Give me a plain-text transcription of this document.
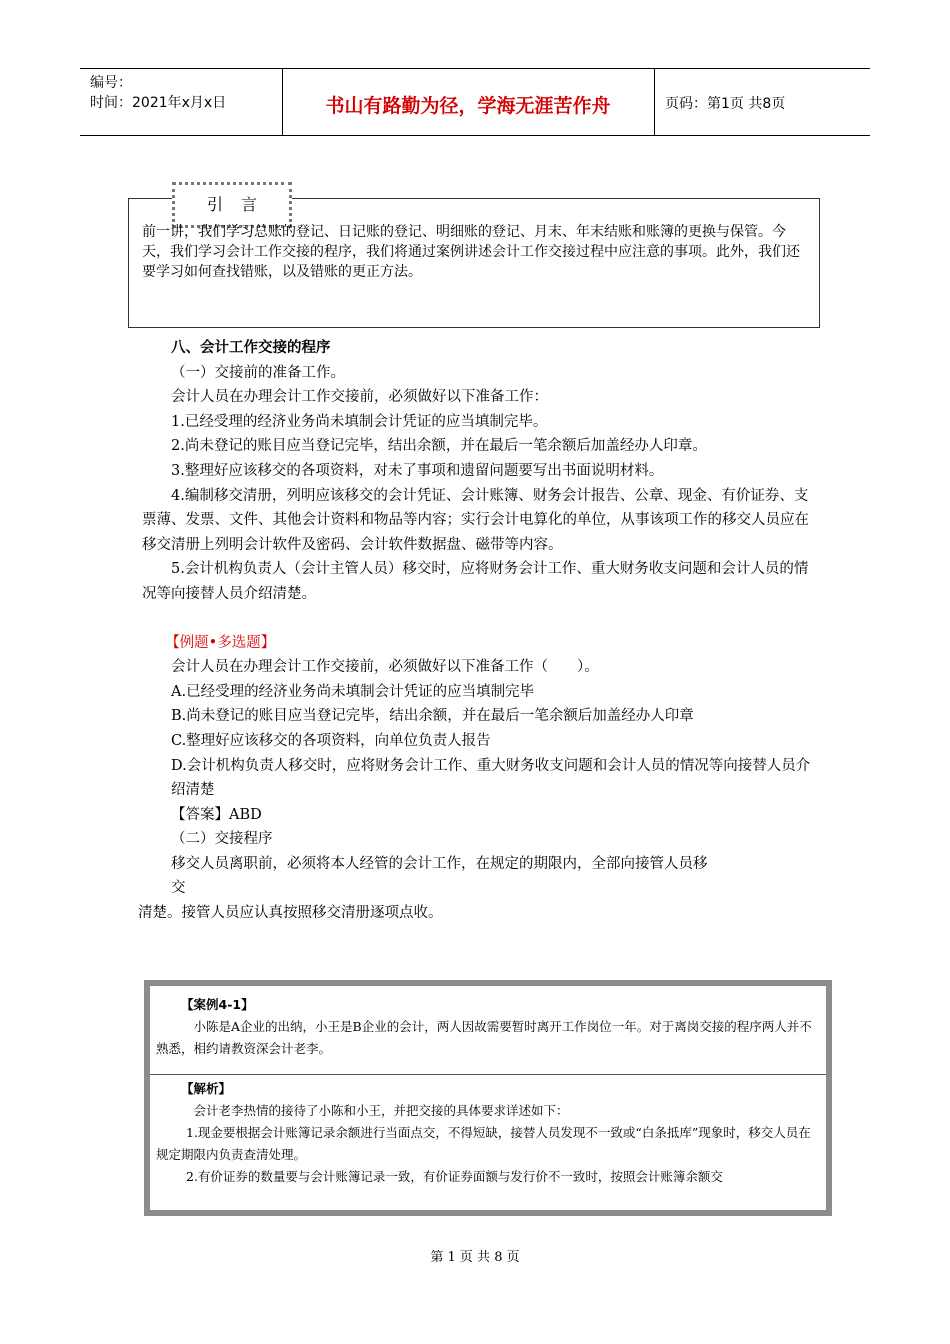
编号：
时间：2021年x月x日	书山有路勤为径，学海无涯苦作舟	页码：第1页 共8页
引言
前一讲，我们学习总账的登记、日记账的登记、明细账的登记、月末、年末结账和账簿的更换与保管。今天，我们学习会计工作交接的程序，我们将通过案例讲述会计工作交接过程中应注意的事项。此外，我们还要学习如何查找错账，以及错账的更正方法。

八、会计工作交接的程序

（一）交接前的准备工作。

会计人员在办理会计工作交接前，必须做好以下准备工作：

1.已经受理的经济业务尚未填制会计凭证的应当填制完毕。

2.尚未登记的账目应当登记完毕，结出余额，并在最后一笔余额后加盖经办人印章。

3.整理好应该移交的各项资料，对未了事项和遗留问题要写出书面说明材料。

4.编制移交清册，列明应该移交的会计凭证、会计账簿、财务会计报告、公章、现金、有价证券、支票薄、发票、文件、其他会计资料和物品等内容；实行会计电算化的单位，从事该项工作的移交人员应在移交清册上列明会计软件及密码、会计软件数据盘、磁带等内容。

5.会计机构负责人（会计主管人员）移交时，应将财务会计工作、重大财务收支问题和会计人员的情况等向接替人员介绍清楚。

【例题•多选题】

会计人员在办理会计工作交接前，必须做好以下准备工作（　　）。

A.已经受理的经济业务尚未填制会计凭证的应当填制完毕

B.尚未登记的账目应当登记完毕，结出余额，并在最后一笔余额后加盖经办人印章

C.整理好应该移交的各项资料，向单位负责人报告

D.会计机构负责人移交时，应将财务会计工作、重大财务收支问题和会计人员的情况等向接替人员介绍清楚

【答案】ABD

（二）交接程序

移交人员离职前，必须将本人经管的会计工作，在规定的期限内，全部向接管人员移

交

清楚。接管人员应认真按照移交清册逐项点收。

【案例4-1】

小陈是A企业的出纳，小王是B企业的会计，两人因故需要暂时离开工作岗位一年。对于离岗交接的程序两人并不熟悉，相约请教资深会计老李。

【解析】

会计老李热情的接待了小陈和小王，并把交接的具体要求详述如下：

1.现金要根据会计账簿记录余额进行当面点交，不得短缺，接替人员发现不一致或“白条抵库”现象时，移交人员在规定期限内负责查清处理。

2.有价证券的数量要与会计账簿记录一致，有价证券面额与发行价不一致时，按照会计账簿余额交

第 1 页 共 8 页
